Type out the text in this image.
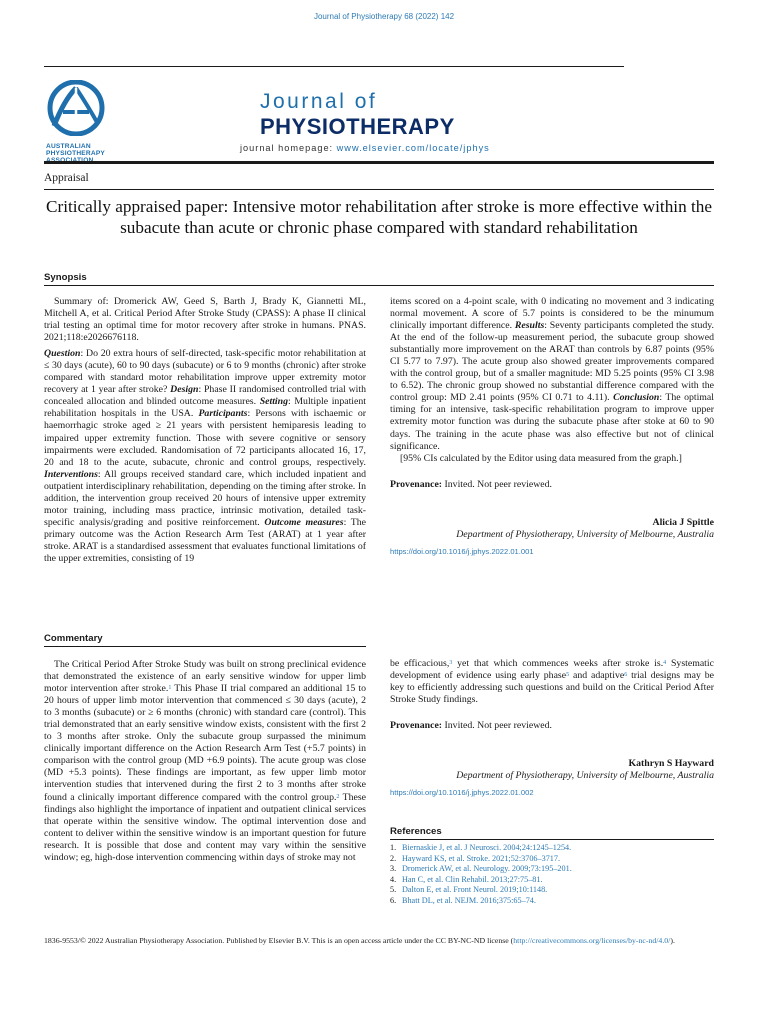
Journal of Physiotherapy 68 (2022) 142
AUSTRALIAN
PHYSIOTHERAPY
Journal of
PHYSIOTHERAPY
journal homepage: www.elsevier.com/locate/jphys
Appraisal
Critically appraised paper: Intensive motor rehabilitation after stroke is more effective within the subacute than acute or chronic phase compared with standard rehabilitation
Synopsis

Summary of: Dromerick AW, Geed S, Barth J, Brady K, Giannetti ML, Mitchell A, et al. Critical Period After Stroke Study (CPASS): A phase II clinical trial testing an optimal time for motor recovery after stroke in humans. PNAS. 2021;118:e2026676118.

Question: Do 20 extra hours of self-directed, task-specific motor rehabilitation at ≤ 30 days (acute), 60 to 90 days (subacute) or 6 to 9 months (chronic) after stroke compared with standard motor rehabilitation improve upper extremity motor recovery at 1 year after stroke? Design: Phase II randomised controlled trial with concealed allocation and blinded outcome measures. Setting: Multiple inpatient rehabilitation hospitals in the USA. Participants: Persons with ischaemic or haemorrhagic stroke aged ≥ 21 years with persistent hemiparesis leading to impaired upper extremity function. Those with severe cognitive or sensory impairments were excluded. Randomisation of 72 participants allocated 16, 17, 20 and 18 to the acute, subacute, chronic and control groups, respectively. Interventions: All groups received standard care, which included inpatient and outpatient interdisciplinary rehabilitation, depending on the timing after stroke. In addition, the intervention group received 20 hours of intensive upper extremity motor training, including mass practice, intrinsic motivation, detailed task-specific analysis/grading and positive reinforcement. Outcome measures: The primary outcome was the Action Research Arm Test (ARAT) at 1 year after stroke. ARAT is a standardised assessment that evaluates functional limitations of the upper extremities, consisting of 19

items scored on a 4-point scale, with 0 indicating no movement and 3 indicating normal movement. A score of 5.7 points is considered to be the minumum clinically important difference. Results: Seventy participants completed the study. At the end of the follow-up measurement period, the subacute group showed substantially more improvement on the ARAT than controls by 6.87 points (95% CI 5.77 to 7.97). The acute group also showed greater improvements compared with the control group, but of a smaller magnitude: MD 5.25 points (95% CI 3.98 to 6.52). The chronic group showed no substantial difference compared with the control group: MD 2.41 points (95% CI 0.71 to 4.11). Conclusion: The optimal timing for an intensive, task-specific rehabilitation program to improve upper extremity motor function was during the subacute phase after stoke at 60 to 90 days. The training in the acute phase was also effective but not of clinical significance.

[95% CIs calculated by the Editor using data measured from the graph.]

Provenance: Invited. Not peer reviewed.

Alicia J Spittle

Department of Physiotherapy, University of Melbourne, Australia

https://doi.org/10.1016/j.jphys.2022.01.001

Commentary

The Critical Period After Stroke Study was built on strong preclinical evidence that demonstrated the existence of an early sensitive window for upper limb motor intervention after stroke.$^1$ This Phase II trial compared an additional 15 to 20 hours of upper limb motor intervention that commenced ≤ 30 days (acute), 2 to 3 months (subacute) or ≥ 6 months (chronic) with standard care (control). This trial demonstrated that an early sensitive window exists, consistent with the first 2 to 3 months after stroke. Only the subacute group surpassed the minimum clinically important difference on the Action Research Arm Test (+5.7 points) in comparison with the control group (MD +6.9 points). The acute group was close (MD +5.3 points). These findings are important, as few upper limb motor intervention studies that intervened during the first 2 to 3 months after stroke found a clinically important difference compared with the control group.$^2$ These findings also highlight the importance of inpatient and outpatient clinical services that operate within the sensitive window. The optimal intervention dose and content to deliver within the sensitive window is an important question for future research. It is possible that dose and content may vary within the sensitive window; eg, high-dose intervention commencing within days of stroke may not

be efficacious,$^3$ yet that which commences weeks after stroke is.$^4$ Systematic development of evidence using early phase$^5$ and adaptive$^6$ trial designs may be key to efficiently addressing such questions and build on the Critical Period After Stroke Study findings.

Provenance: Invited. Not peer reviewed.

Kathryn S Hayward

Department of Physiotherapy, University of Melbourne, Australia

https://doi.org/10.1016/j.jphys.2022.01.002

References
1. Biernaskie J, et al. J Neurosci. 2004;24:1245–1254.
2. Hayward KS, et al. Stroke. 2021;52:3706–3717.
3. Dromerick AW, et al. Neurology. 2009;73:195–201.
4. Han C, et al. Clin Rehabil. 2013;27:75–81.
5. Dalton E, et al. Front Neurol. 2019;10:1148.
6. Bhatt DL, et al. NEJM. 2016;375:65–74.
1836-9553/© 2022 Australian Physiotherapy Association. Published by Elsevier B.V. This is an open access article under the CC BY-NC-ND license (http://creativecommons.org/licenses/by-nc-nd/4.0/).
